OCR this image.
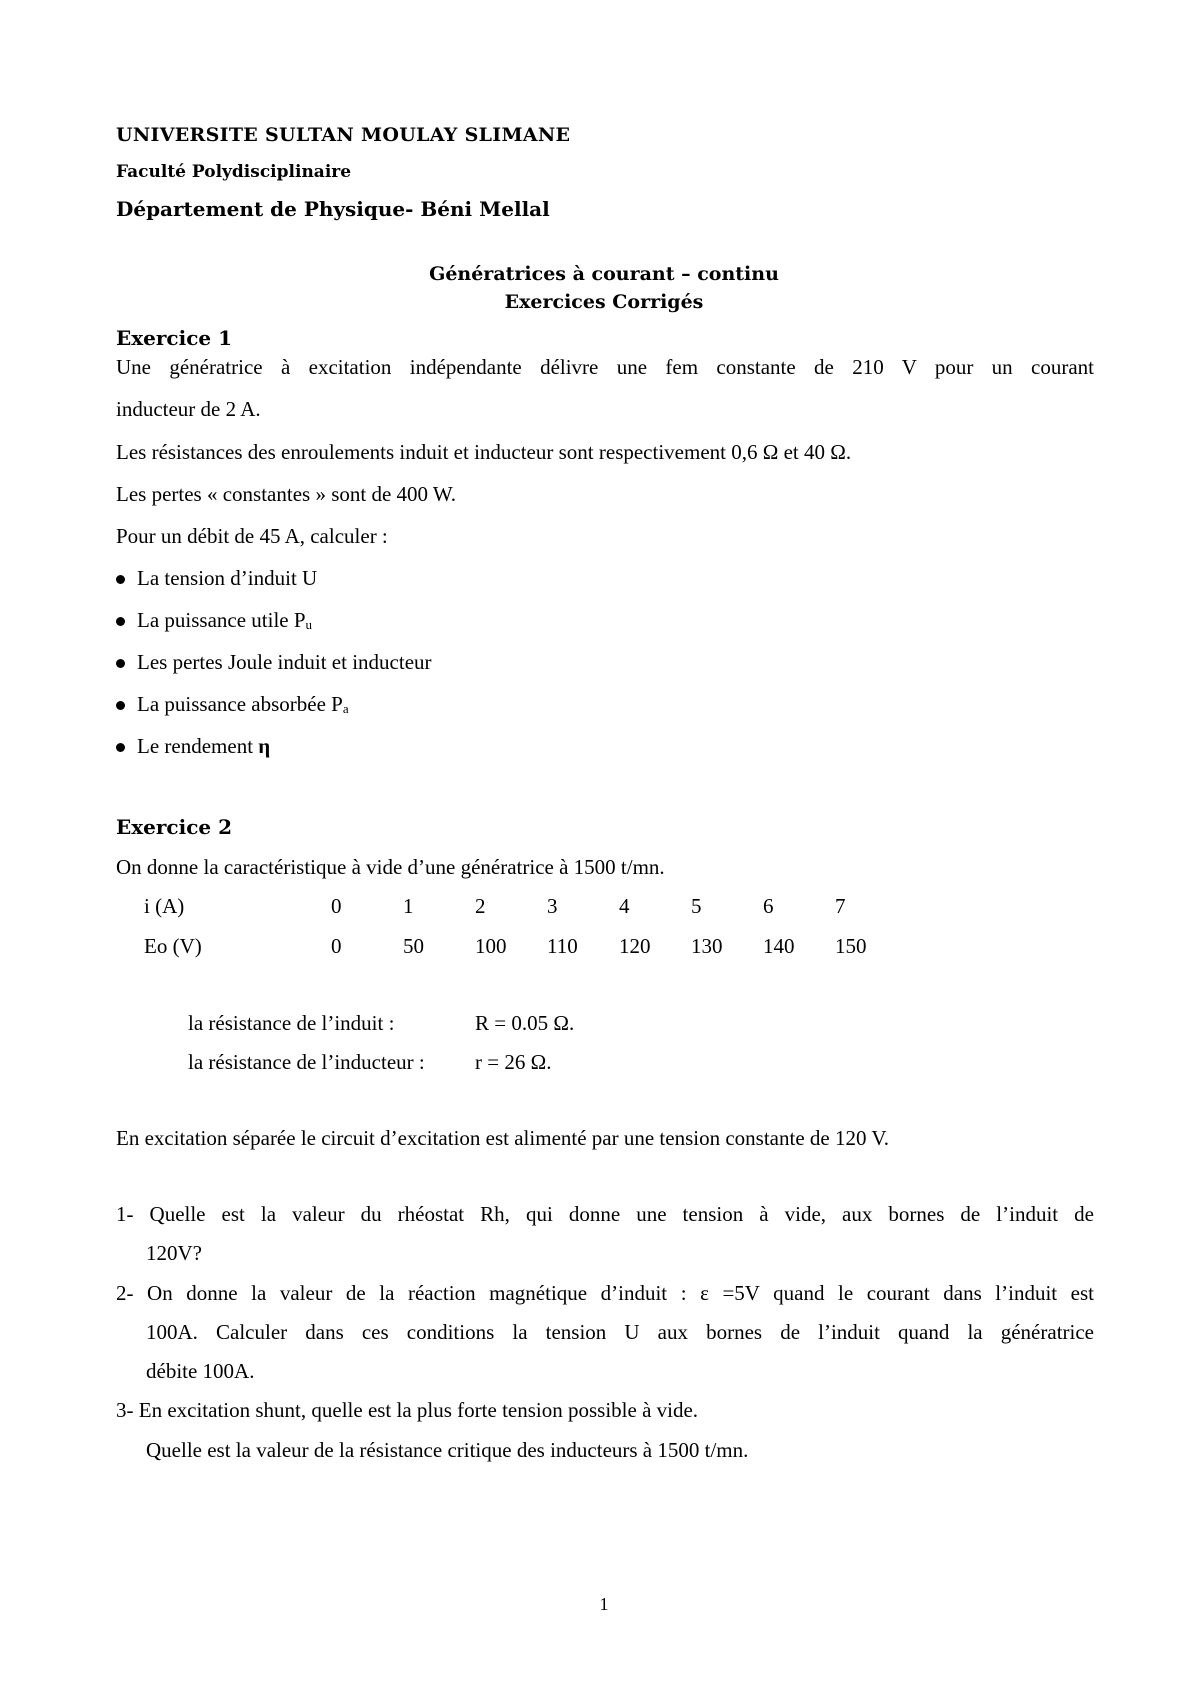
UNIVERSITE SULTAN MOULAY SLIMANE
Faculté Polydisciplinaire
Département de Physique- Béni Mellal
Génératrices à courant – continu
Exercices Corrigés
Exercice 1
Une génératrice à excitation indépendante délivre une fem constante de 210 V pour un courant
inducteur de 2 A.
Les résistances des enroulements induit et inducteur sont respectivement 0,6 Ω et 40 Ω.
Les pertes « constantes » sont de 400 W.
Pour un débit de 45 A, calculer :
La tension d’induit U
La puissance utile $P_u$
Les pertes Joule induit et inducteur
La puissance absorbée $P_a$
Le rendement η
Exercice 2
On donne la caractéristique à vide d’une génératrice à 1500 t/mn.
i (A)	0	1	2	3	4	5	6	7
Eo (V)	0	50 100 110 120 130 140 150
la résistance de l’induit :	R = 0.05 Ω.
la résistance de l’inducteur : r = 26 Ω.
En excitation séparée le circuit d’excitation est alimenté par une tension constante de 120 V.
1- Quelle est la valeur du rhéostat Rh, qui donne une tension à vide, aux bornes de l’induit de
120V?
2- On donne la valeur de la réaction magnétique d’induit : ε =5V quand le courant dans l’induit est
100A. Calculer dans ces conditions la tension U aux bornes de l’induit quand la génératrice
débite 100A.
3- En excitation shunt, quelle est la plus forte tension possible à vide.
Quelle est la valeur de la résistance critique des inducteurs à 1500 t/mn.
1
